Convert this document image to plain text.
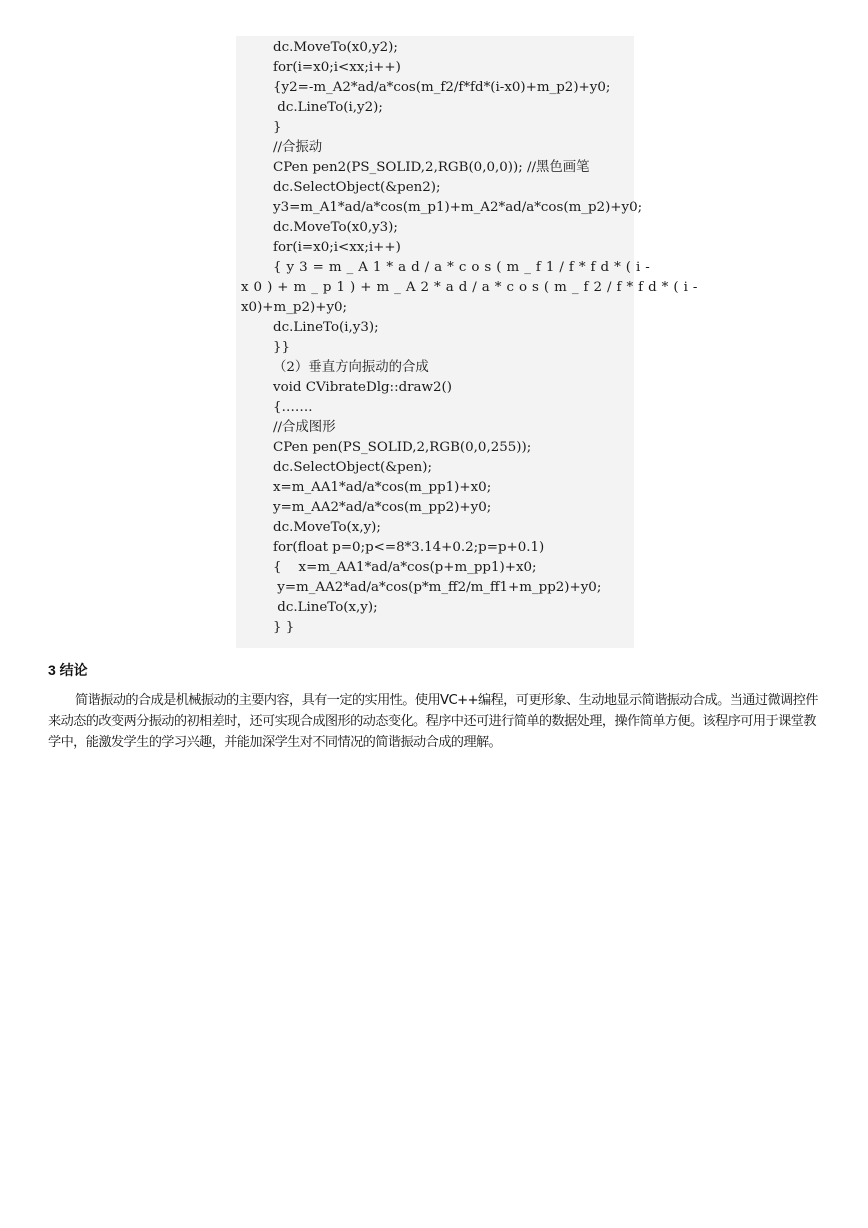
dc.MoveTo(x0,y2);
for(i=x0;i<xx;i++)
{y2=-m_A2*ad/a*cos(m_f2/f*fd*(i-x0)+m_p2)+y0;
dc.LineTo(i,y2);
}
//合振动
CPen pen2(PS_SOLID,2,RGB(0,0,0)); //黑色画笔
dc.SelectObject(&pen2);
y3=m_A1*ad/a*cos(m_p1)+m_A2*ad/a*cos(m_p2)+y0;
dc.MoveTo(x0,y3);
for(i=x0;i<xx;i++)
{y3=m_A1*ad/a*cos(m_f1/f*fd*(i-
x0)+m_p1)+m_A2*ad/a*cos(m_f2/f*fd*(i-
x0)+m_p2)+y0;
dc.LineTo(i,y3);
}}
（2）垂直方向振动的合成
void CVibrateDlg::draw2()
{…….
//合成图形
CPen pen(PS_SOLID,2,RGB(0,0,255));
dc.SelectObject(&pen);
x=m_AA1*ad/a*cos(m_pp1)+x0;
y=m_AA2*ad/a*cos(m_pp2)+y0;
dc.MoveTo(x,y);
for(float p=0;p<=8*3.14+0.2;p=p+0.1)
{    x=m_AA1*ad/a*cos(p+m_pp1)+x0;
y=m_AA2*ad/a*cos(p*m_ff2/m_ff1+m_pp2)+y0;
dc.LineTo(x,y);
} }
3 结论

简谐振动的合成是机械振动的主要内容，具有一定的实用性。使用VC++编程，可更形象、生动地显示简谐振动合成。当通过微调控件来动态的改变两分振动的初相差时，还可实现合成图形的动态变化。程序中还可进行简单的数据处理，操作简单方便。该程序可用于课堂教学中，能激发学生的学习兴趣，并能加深学生对不同情况的简谐振动合成的理解。
